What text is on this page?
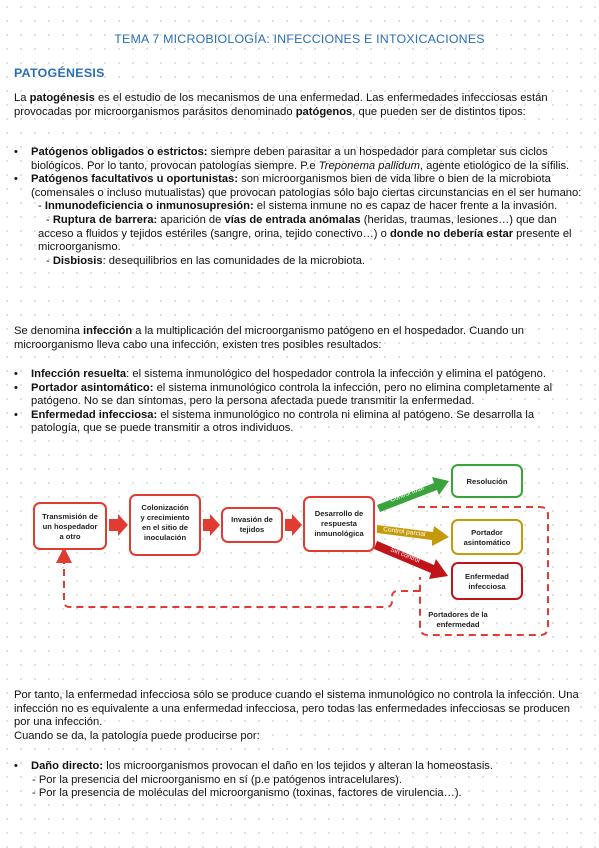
TEMA 7 MICROBIOLOGÍA: INFECCIONES E INTOXICACIONES
PATOGÉNESIS

La patogénesis es el estudio de los mecanismos de una enfermedad. Las enfermedades infecciosas están provocadas por microorganismos parásitos denominado patógenos, que pueden ser de distintos tipos:

• Patógenos obligados o estrictos: siempre deben parasitar a un hospedador para completar sus ciclos biológicos. Por lo tanto, provocan patologías siempre. P.e Treponema pallidum, agente etiológico de la sífilis.
• Patógenos facultativos u oportunistas: son microorganismos bien de vida libre o bien de la microbiota (comensales o incluso mutualistas) que provocan patologías sólo bajo ciertas circunstancias en el ser humano:
- Inmunodeficiencia o inmunosupresión: el sistema inmune no es capaz de hacer frente a la invasión.
- Ruptura de barrera: aparición de vías de entrada anómalas (heridas, traumas, lesiones…) que dan acceso a fluidos y tejidos estériles (sangre, orina, tejido conectivo…) o donde no debería estar presente el microorganismo.
- Disbiosis: desequilibrios en las comunidades de la microbiota.

Se denomina infección a la multiplicación del microorganismo patógeno en el hospedador. Cuando un microorganismo lleva cabo una infección, existen tres posibles resultados:

• Infección resuelta: el sistema inmunológico del hospedador controla la infección y elimina el patógeno.
• Portador asintomático: el sistema inmunológico controla la infección, pero no elimina completamente al patógeno. No se dan síntomas, pero la persona afectada puede transmitir la enfermedad.
• Enfermedad infecciosa: el sistema inmunológico no controla ni elimina al patógeno. Se desarrolla la patología, que se puede transmitir a otros individuos.
Transmisión de
un hospedador
a otro
Colonización
y crecimiento
en el sitio de
inoculación
Invasión de
tejidos
Desarrollo de
respuesta
inmunológica
Control total
Control parcial
Sin control
Resolución
Portador
asintomático
Enfermedad
infecciosa
Portadores de la
enfermedad

Por tanto, la enfermedad infecciosa sólo se produce cuando el sistema inmunológico no controla la infección. Una infección no es equivalente a una enfermedad infecciosa, pero todas las enfermedades infecciosas se producen por una infección.

Cuando se da, la patología puede producirse por:

• Daño directo: los microorganismos provocan el daño en los tejidos y alteran la homeostasis.
- Por la presencia del microorganismo en sí (p.e patógenos intracelulares).
- Por la presencia de moléculas del microorganismo (toxinas, factores de virulencia…).
